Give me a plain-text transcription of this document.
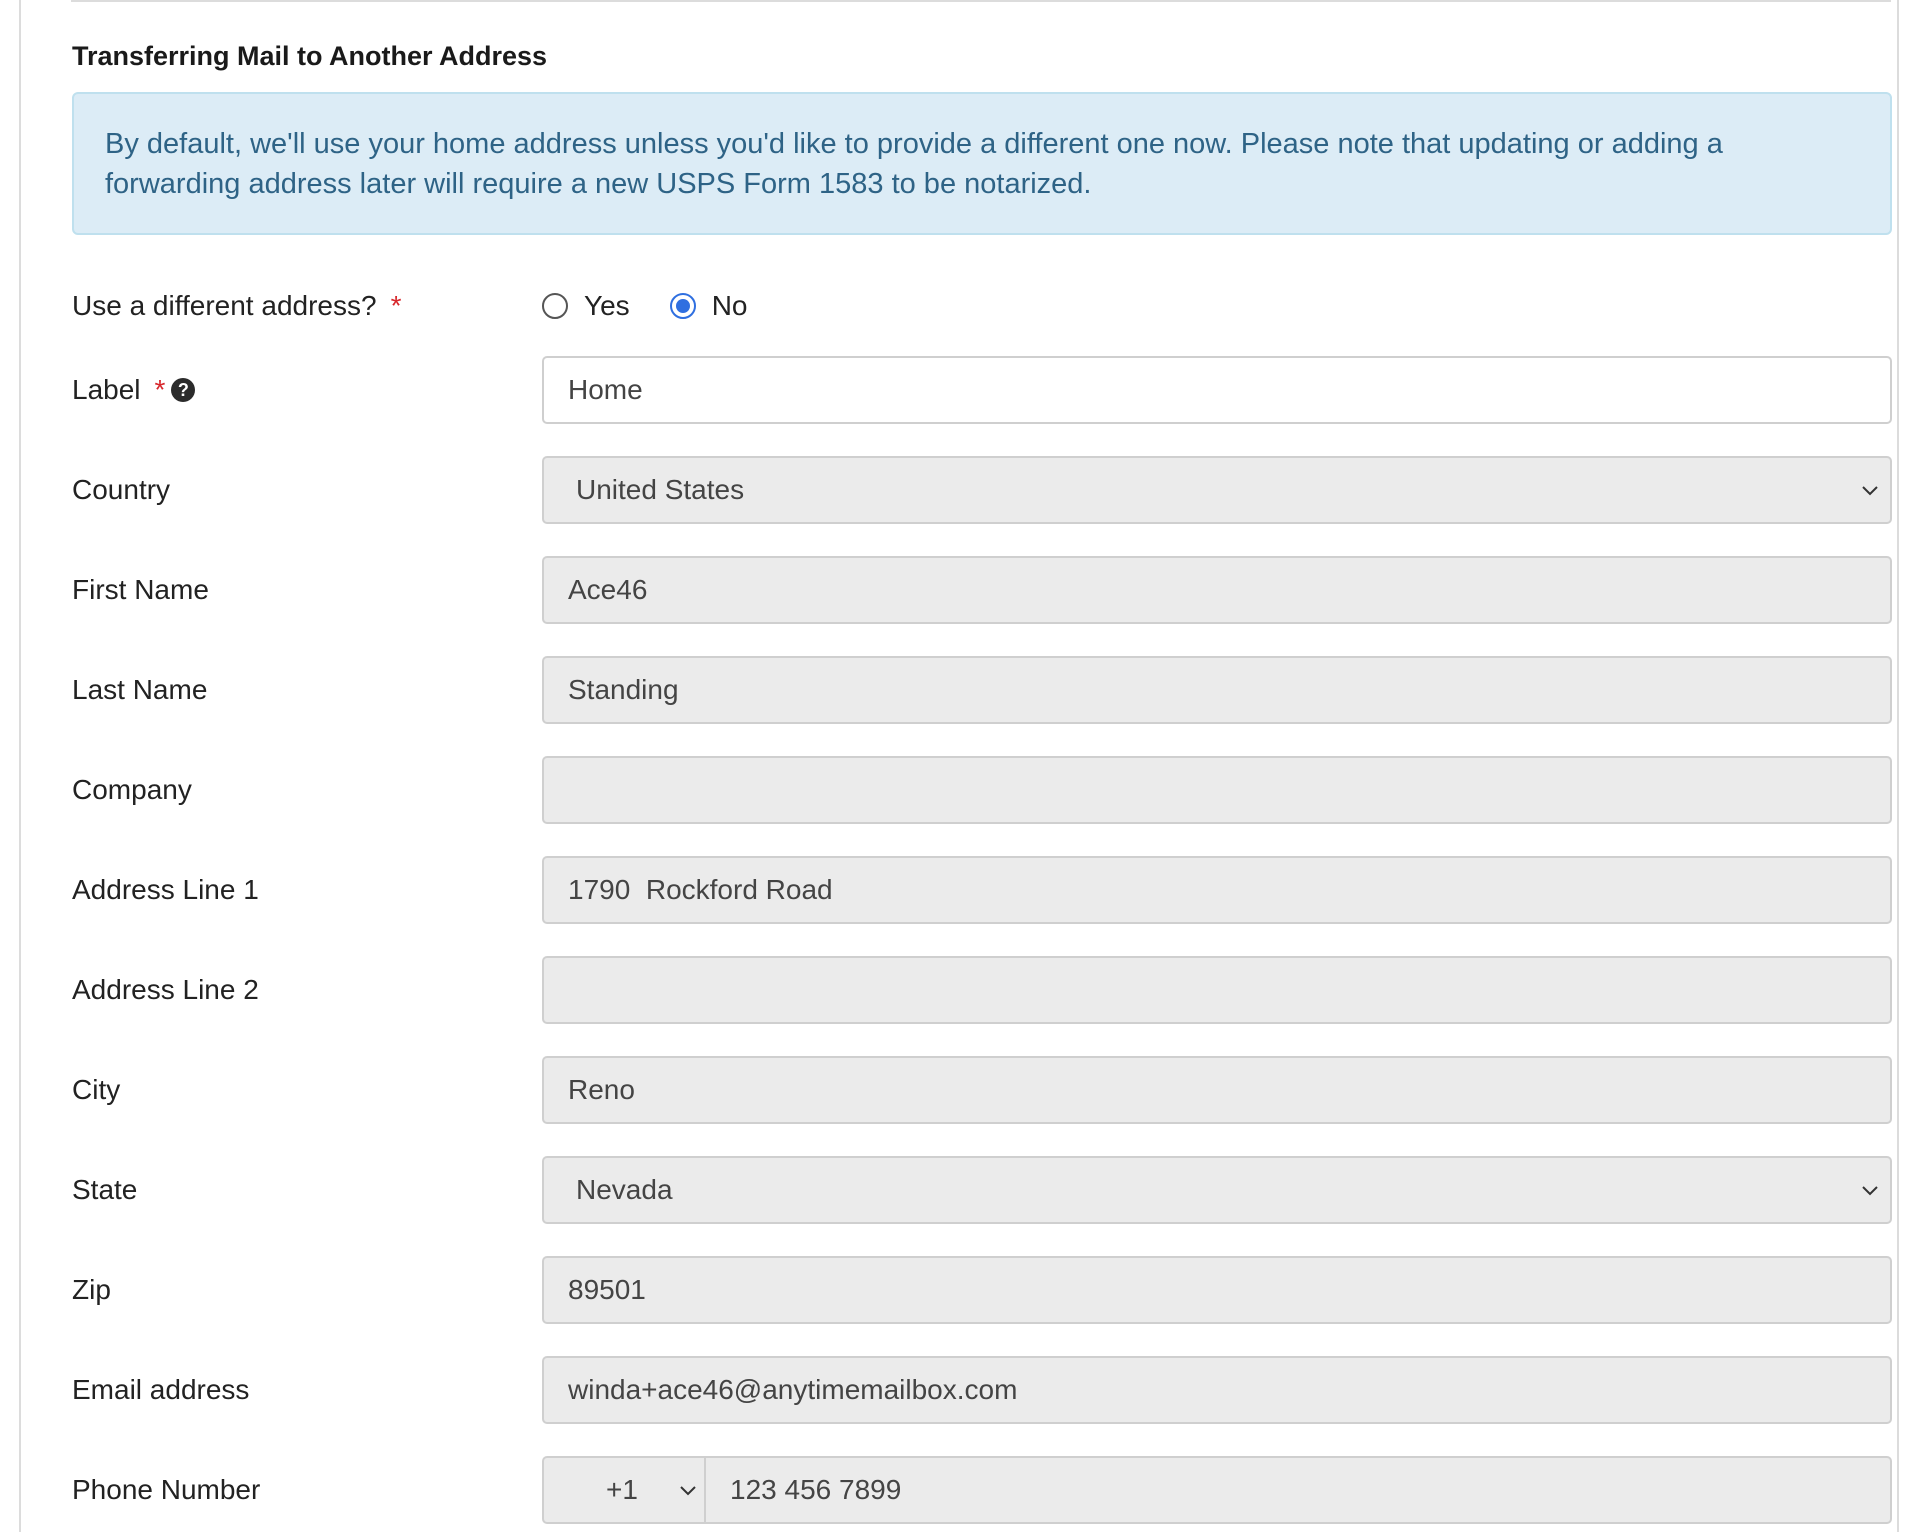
Transferring Mail to Another Address
By default, we'll use your home address unless you'd like to provide a different one now. Please note that updating or adding a forwarding address later will require a new USPS Form 1583 to be notarized.
Use a different address? *	Yes	No
Label * ?	Home
Country	United States
First Name	Ace46
Last Name	Standing
Company
Address Line 1	1790  Rockford Road
Address Line 2
City	Reno
State	Nevada
Zip	89501
Email address	winda+ace46@anytimemailbox.com
Phone Number	+1	123 456 7899
